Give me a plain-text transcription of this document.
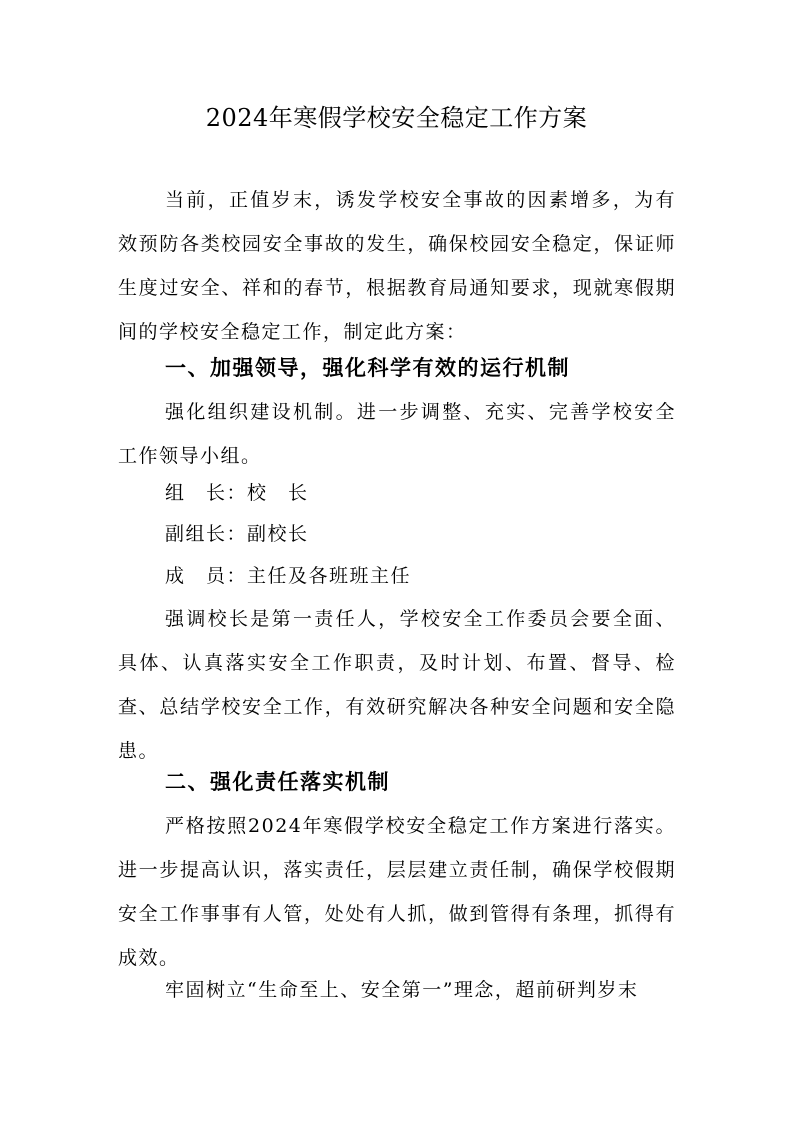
2024年寒假学校安全稳定工作方案

当前，正值岁末，诱发学校安全事故的因素增多，为有效预防各类校园安全事故的发生，确保校园安全稳定，保证师生度过安全、祥和的春节，根据教育局通知要求，现就寒假期间的学校安全稳定工作，制定此方案：

一、加强领导，强化科学有效的运行机制

强化组织建设机制。进一步调整、充实、完善学校安全工作领导小组。

组　长：校　长

副组长：副校长

成　员：主任及各班班主任

强调校长是第一责任人，学校安全工作委员会要全面、具体、认真落实安全工作职责，及时计划、布置、督导、检查、总结学校安全工作，有效研究解决各种安全问题和安全隐患。

二、强化责任落实机制

严格按照2024年寒假学校安全稳定工作方案进行落实。进一步提高认识，落实责任，层层建立责任制，确保学校假期安全工作事事有人管，处处有人抓，做到管得有条理，抓得有成效。

牢固树立“生命至上、安全第一”理念，超前研判岁末
